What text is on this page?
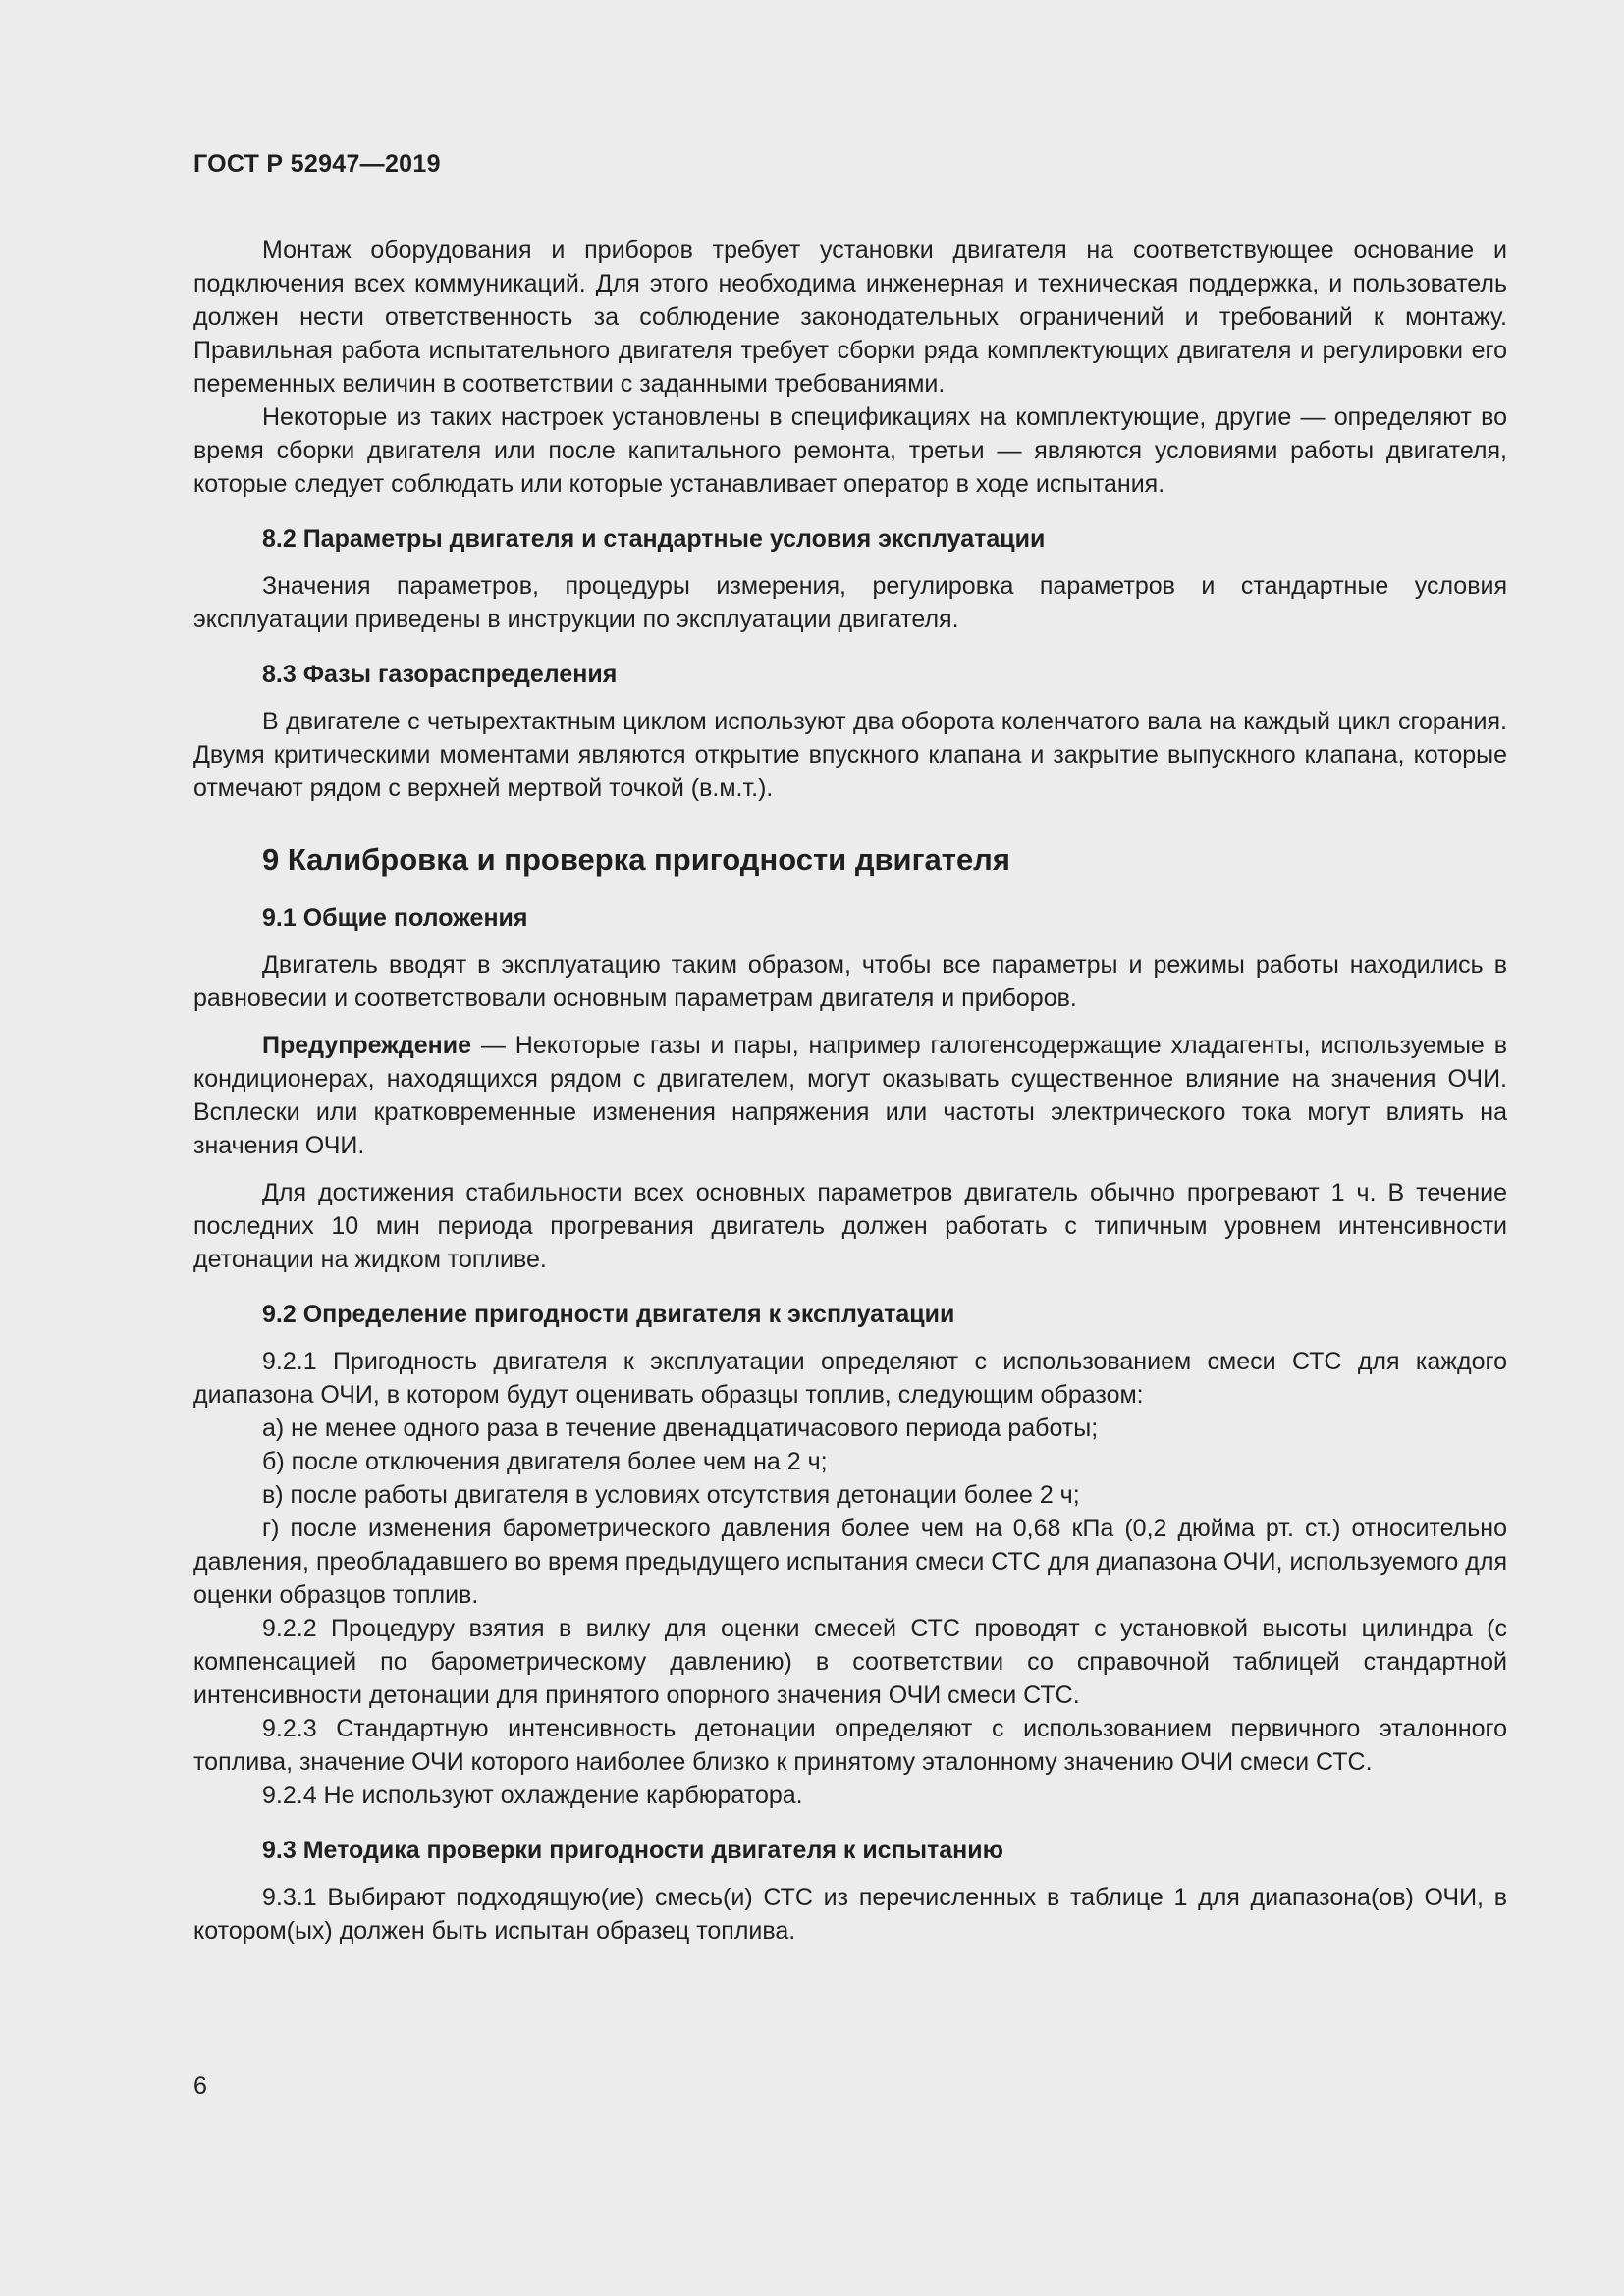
ГОСТ Р 52947—2019

Монтаж оборудования и приборов требует установки двигателя на соответствующее основание и подключения всех коммуникаций. Для этого необходима инженерная и техническая поддержка, и пользователь должен нести ответственность за соблюдение законодательных ограничений и требований к монтажу. Правильная работа испытательного двигателя требует сборки ряда комплектующих двигателя и регулировки его переменных величин в соответствии с заданными требованиями.

Некоторые из таких настроек установлены в спецификациях на комплектующие, другие — определяют во время сборки двигателя или после капитального ремонта, третьи — являются условиями работы двигателя, которые следует соблюдать или которые устанавливает оператор в ходе испытания.

8.2 Параметры двигателя и стандартные условия эксплуатации

Значения параметров, процедуры измерения, регулировка параметров и стандартные условия эксплуатации приведены в инструкции по эксплуатации двигателя.

8.3 Фазы газораспределения

В двигателе с четырехтактным циклом используют два оборота коленчатого вала на каждый цикл сгорания. Двумя критическими моментами являются открытие впускного клапана и закрытие выпускного клапана, которые отмечают рядом с верхней мертвой точкой (в.м.т.).

9 Калибровка и проверка пригодности двигателя
9.1 Общие положения

Двигатель вводят в эксплуатацию таким образом, чтобы все параметры и режимы работы находились в равновесии и соответствовали основным параметрам двигателя и приборов.

Предупреждение — Некоторые газы и пары, например галогенсодержащие хладагенты, используемые в кондиционерах, находящихся рядом с двигателем, могут оказывать существенное влияние на значения ОЧИ. Всплески или кратковременные изменения напряжения или частоты электрического тока могут влиять на значения ОЧИ.

Для достижения стабильности всех основных параметров двигатель обычно прогревают 1 ч. В течение последних 10 мин периода прогревания двигатель должен работать с типичным уровнем интенсивности детонации на жидком топливе.

9.2 Определение пригодности двигателя к эксплуатации

9.2.1 Пригодность двигателя к эксплуатации определяют с использованием смеси СТС для каждого диапазона ОЧИ, в котором будут оценивать образцы топлив, следующим образом:

а) не менее одного раза в течение двенадцатичасового периода работы;

б) после отключения двигателя более чем на 2 ч;

в) после работы двигателя в условиях отсутствия детонации более 2 ч;

г) после изменения барометрического давления более чем на 0,68 кПа (0,2 дюйма рт. ст.) относительно давления, преобладавшего во время предыдущего испытания смеси СТС для диапазона ОЧИ, используемого для оценки образцов топлив.

9.2.2 Процедуру взятия в вилку для оценки смесей СТС проводят с установкой высоты цилиндра (с компенсацией по барометрическому давлению) в соответствии со справочной таблицей стандартной интенсивности детонации для принятого опорного значения ОЧИ смеси СТС.

9.2.3 Стандартную интенсивность детонации определяют с использованием первичного эталонного топлива, значение ОЧИ которого наиболее близко к принятому эталонному значению ОЧИ смеси СТС.

9.2.4 Не используют охлаждение карбюратора.

9.3 Методика проверки пригодности двигателя к испытанию

9.3.1 Выбирают подходящую(ие) смесь(и) СТС из перечисленных в таблице 1 для диапазона(ов) ОЧИ, в котором(ых) должен быть испытан образец топлива.

6
